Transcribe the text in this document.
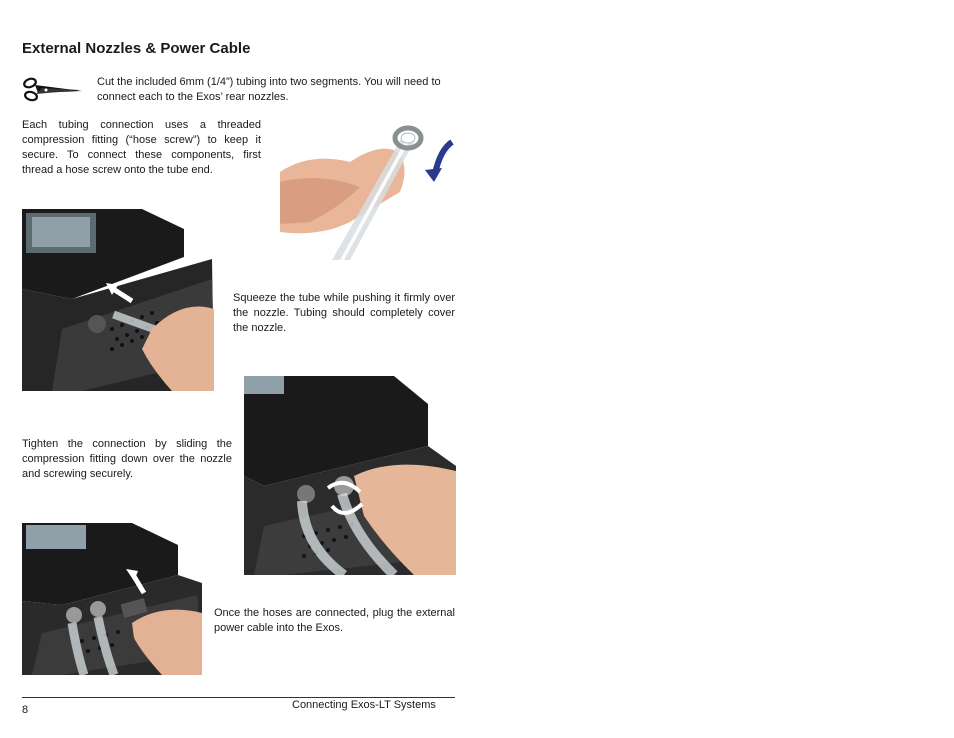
External Nozzles & Power Cable
Cut the included 6mm (1/4”) tubing into two segments. You will need to connect each to the Exos’ rear nozzles.
Each tubing connection uses a threaded compression fitting (“hose screw”) to keep it secure. To connect these components, first thread a hose screw onto the tube end.
Squeeze the tube while pushing it firmly over the nozzle. Tubing should completely cover the nozzle.
Tighten the connection by sliding the compression fitting down over the nozzle and screwing securely.
Once the hoses are connected, plug the external power cable into the Exos.
Connecting Exos-LT Systems
8
